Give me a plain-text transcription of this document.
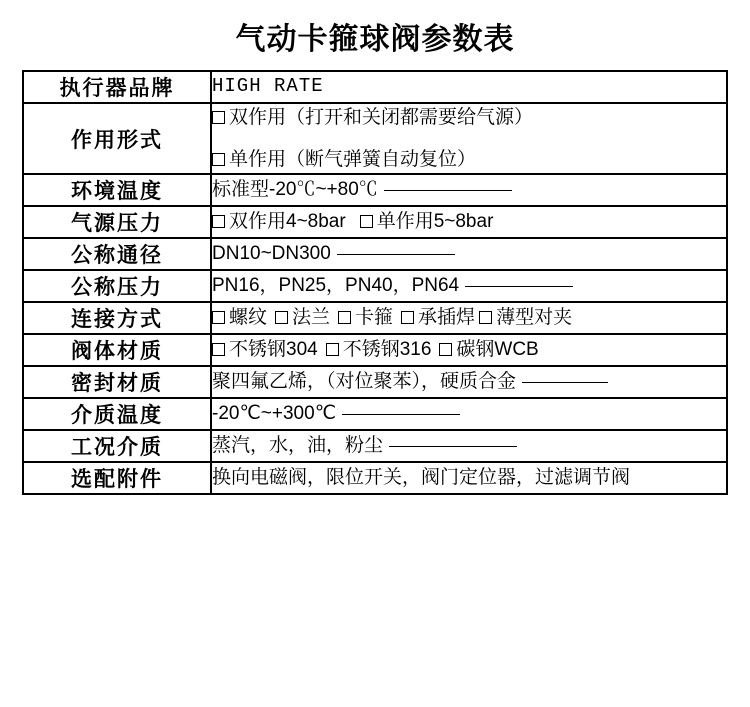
气动卡箍球阀参数表
执行器品牌	HIGH RATE

作用形式	双作用（打开和关闭都需要给气源）
单作用（断气弹簧自动复位）

环境温度	标准型-20℃~+80℃

气源压力	双作用4~8bar 单作用5~8bar

公称通径	DN10~DN300

公称压力	PN16，PN25，PN40，PN64

连接方式	螺纹 法兰 卡箍 承插焊 薄型对夹

阀体材质	不锈钢304 不锈钢316 碳钢WCB

密封材质	聚四氟乙烯，（对位聚苯），硬质合金

介质温度	-20℃~+300℃

工况介质	蒸汽，水，油，粉尘

选配附件	换向电磁阀，限位开关，阀门定位器，过滤调节阀
